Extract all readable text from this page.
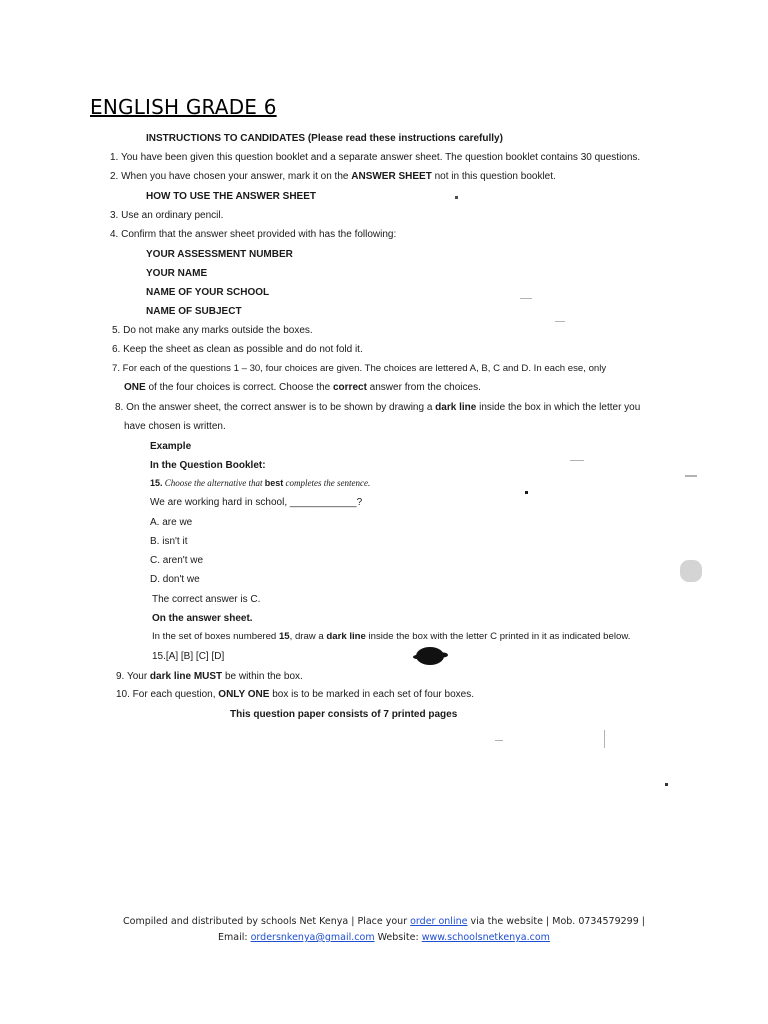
ENGLISH GRADE 6
INSTRUCTIONS TO CANDIDATES (Please read these instructions carefully)
1. You have been given this question booklet and a separate answer sheet. The question booklet contains 30 questions.
2. When you have chosen your answer, mark it on the ANSWER SHEET not in this question booklet.
HOW TO USE THE ANSWER SHEET
3. Use an ordinary pencil.
4. Confirm that the answer sheet provided with has the following:
YOUR ASSESSMENT NUMBER
YOUR NAME
NAME OF YOUR SCHOOL
NAME OF SUBJECT
5. Do not make any marks outside the boxes.
6. Keep the sheet as clean as possible and do not fold it.
7. For each of the questions 1 – 30, four choices are given. The choices are lettered A, B, C and D. In each ese, only
ONE of the four choices is correct. Choose the correct answer from the choices.
8. On the answer sheet, the correct answer is to be shown by drawing a dark line inside the box in which the letter you
have chosen is written.
Example
In the Question Booklet:
15. Choose the alternative that best completes the sentence.
We are working hard in school, ____________?
A. are we
B. isn't it
C. aren't we
D. don't we
The correct answer is C.
On the answer sheet.
In the set of boxes numbered 15, draw a dark line inside the box with the letter C printed in it as indicated below.
15.[A] [B] [C] [D]
9. Your dark line MUST be within the box.
10. For each question, ONLY ONE box is to be marked in each set of four boxes.
This question paper consists of 7 printed pages
Compiled and distributed by schools Net Kenya | Place your order online via the website | Mob. 0734579299 |
Email: ordersnkenya@gmail.com Website: www.schoolsnetkenya.com
